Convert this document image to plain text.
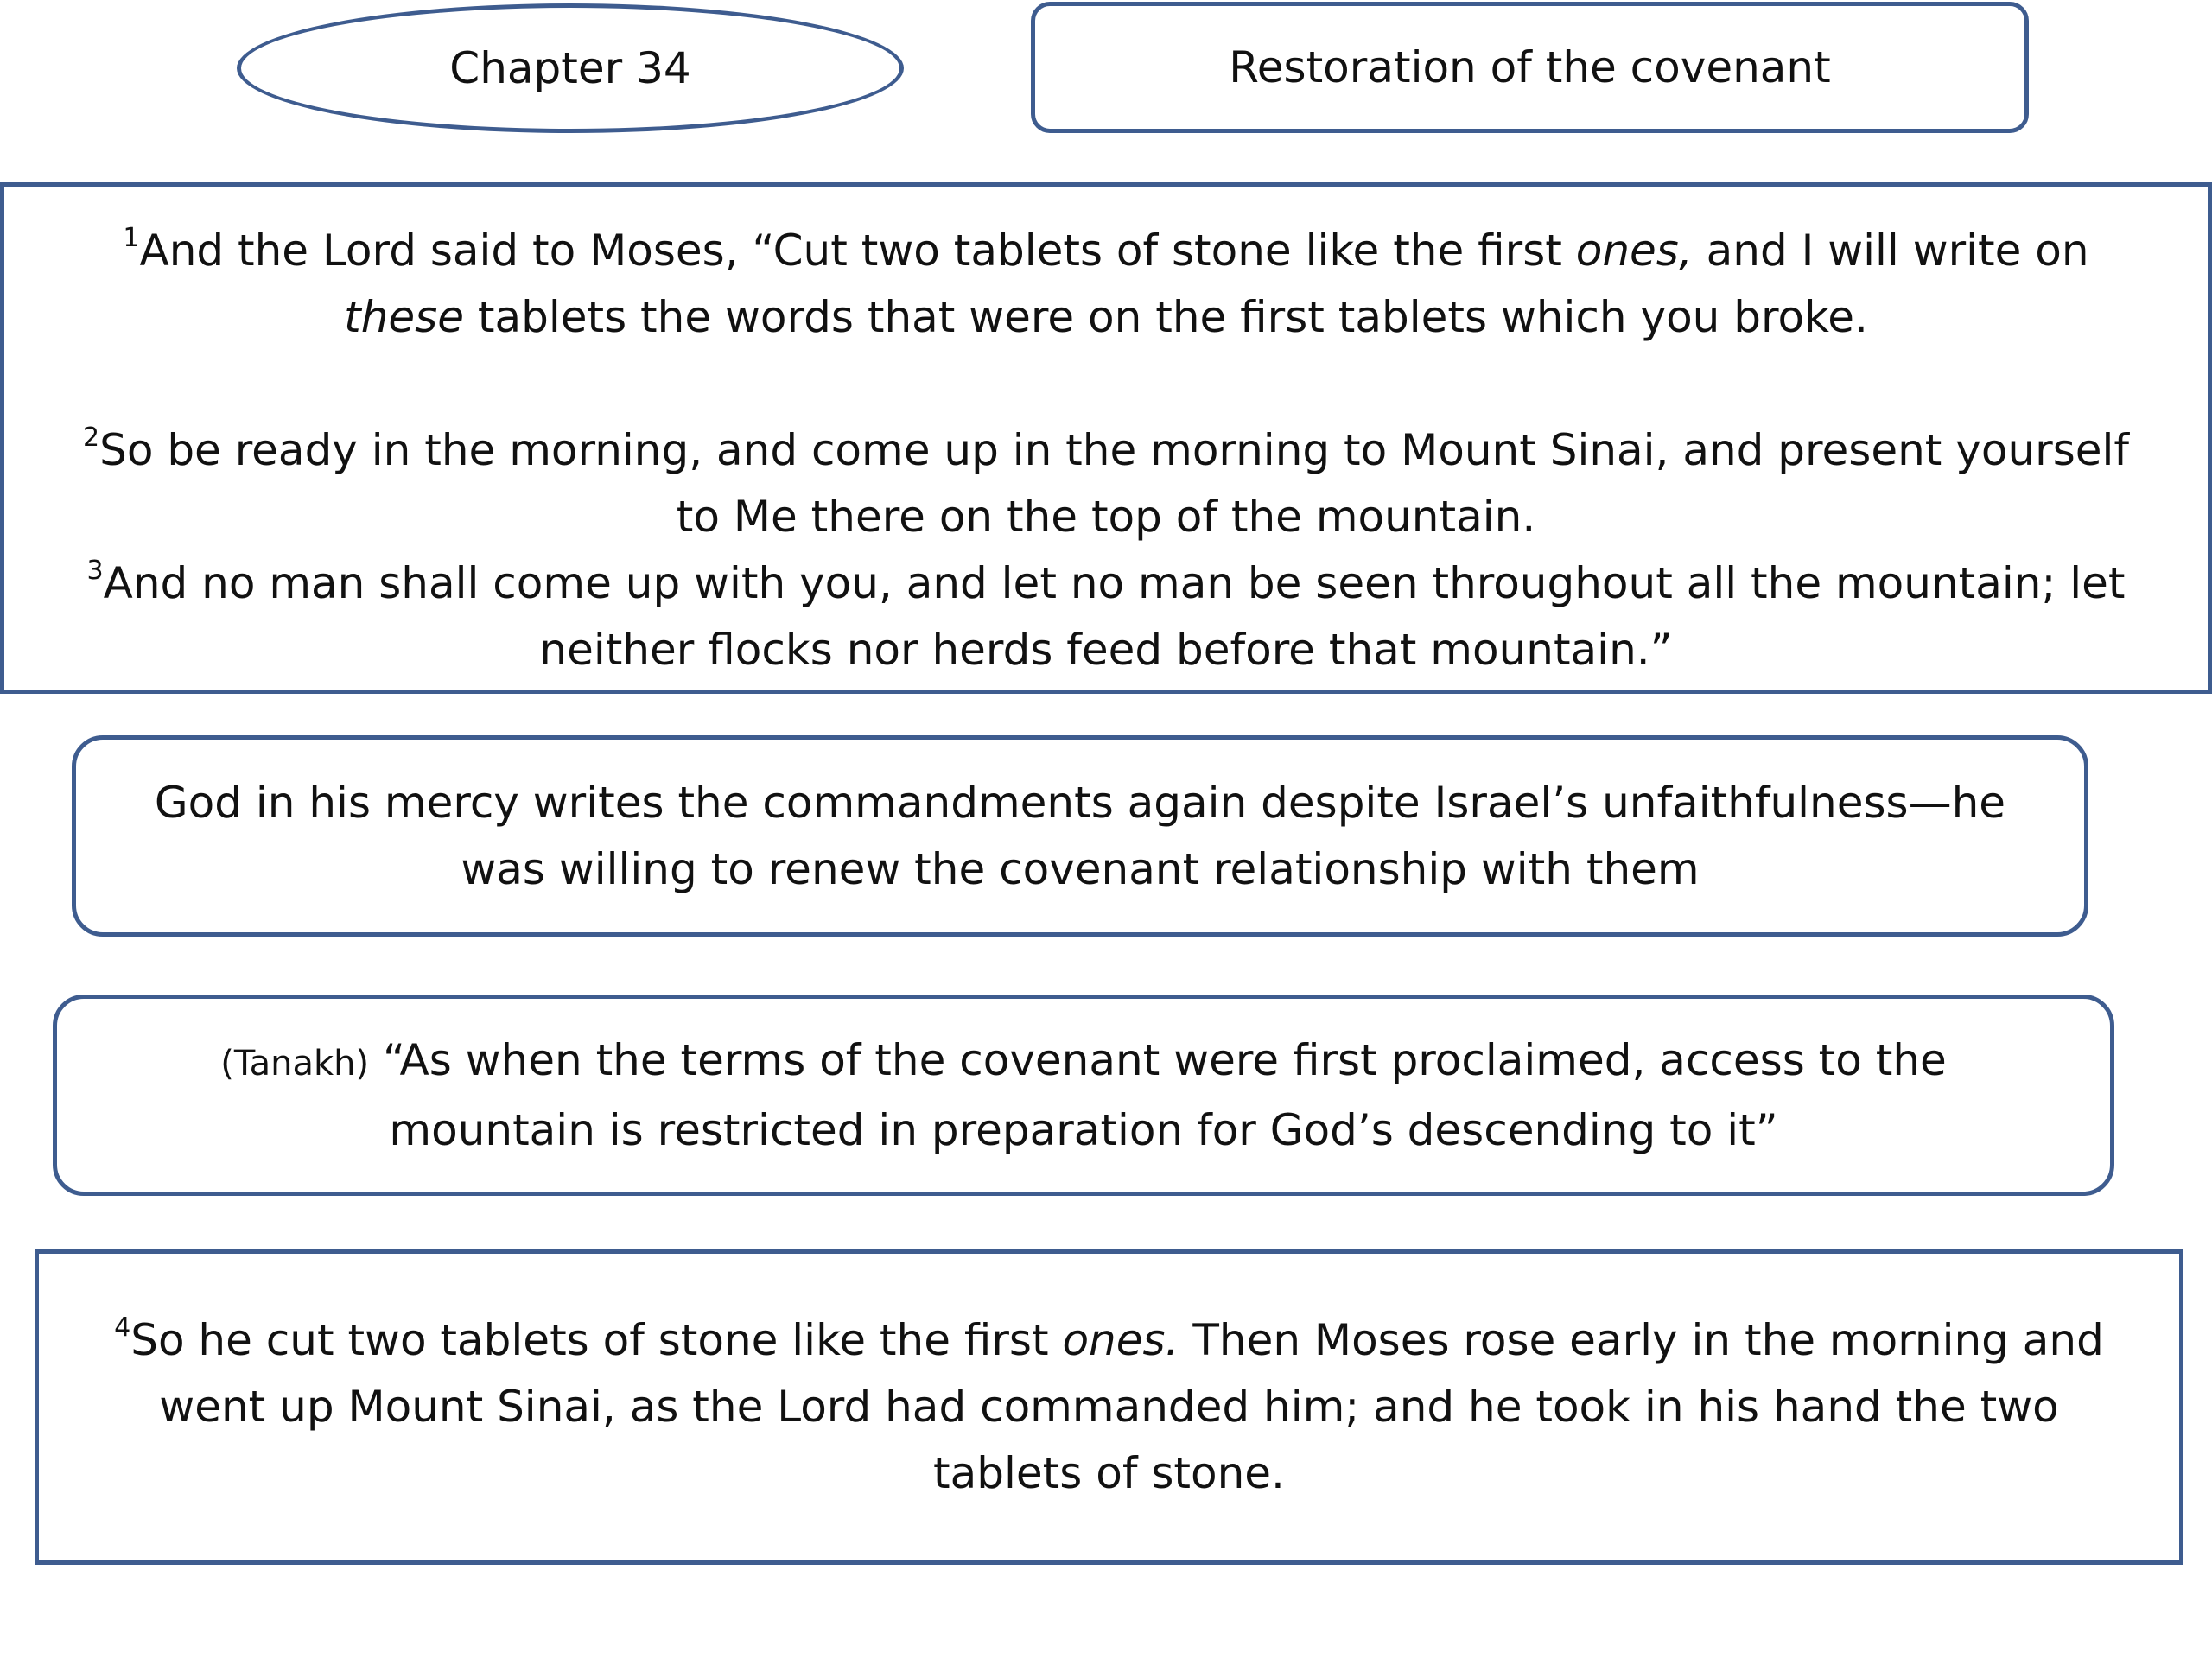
Chapter 34	Restoration of the covenant
$^1$And the Lord said to Moses, “Cut two tablets of stone like the first ones, and I will write on
these tablets the words that were on the first tablets which you broke.
$^2$So be ready in the morning, and come up in the morning to Mount Sinai, and present yourself
to Me there on the top of the mountain.
$^3$And no man shall come up with you, and let no man be seen throughout all the mountain; let
neither flocks nor herds feed before that mountain.”
God in his mercy writes the commandments again despite Israel’s unfaithfulness—he
was willing to renew the covenant relationship with them
(Tanakh) “As when the terms of the covenant were first proclaimed, access to the
mountain is restricted in preparation for God’s descending to it”
$^4$So he cut two tablets of stone like the first ones. Then Moses rose early in the morning and
went up Mount Sinai, as the Lord had commanded him; and he took in his hand the two
tablets of stone.
